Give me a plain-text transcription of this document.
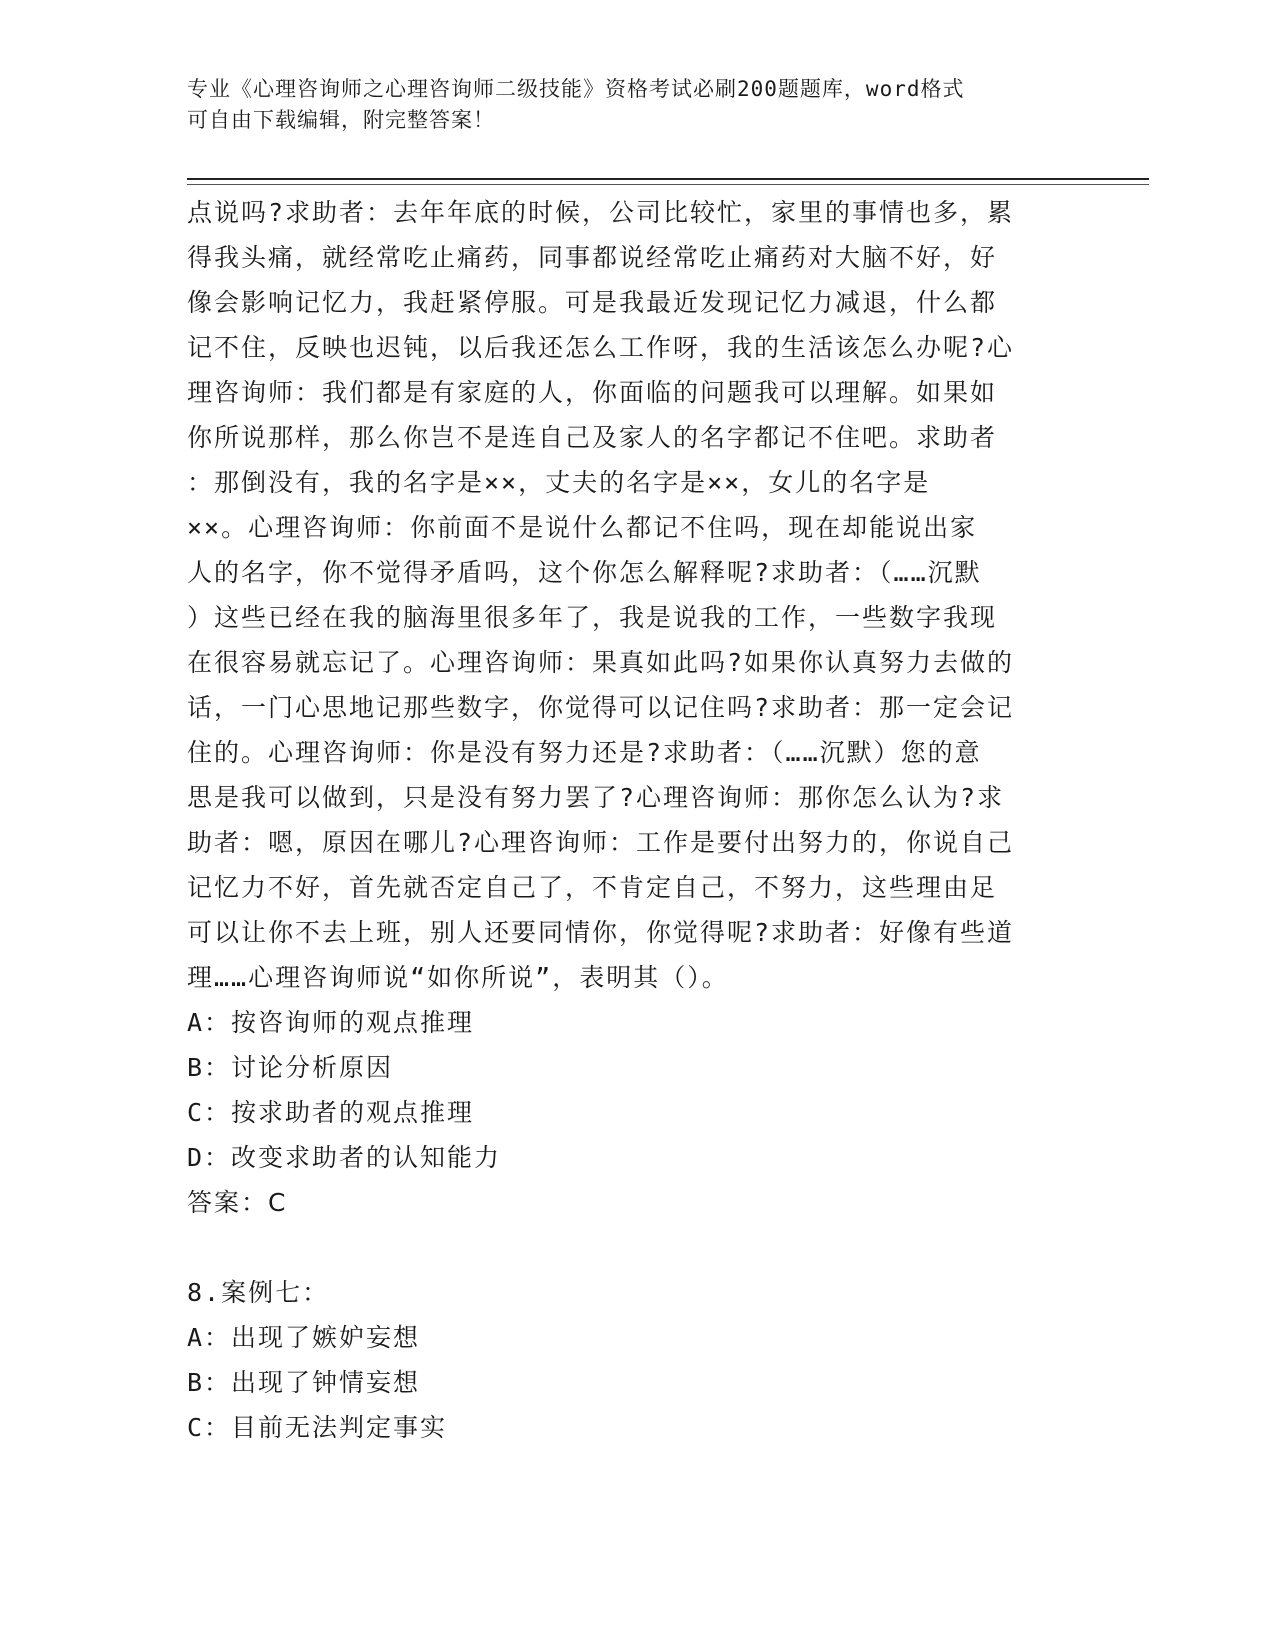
专业《心理咨询师之心理咨询师二级技能》资格考试必刷200题题库，word格式
可自由下载编辑，附完整答案！
点说吗?求助者：去年年底的时候，公司比较忙，家里的事情也多，累
得我头痛，就经常吃止痛药，同事都说经常吃止痛药对大脑不好，好
像会影响记忆力，我赶紧停服。可是我最近发现记忆力减退，什么都
记不住，反映也迟钝，以后我还怎么工作呀，我的生活该怎么办呢?心
理咨询师：我们都是有家庭的人，你面临的问题我可以理解。如果如
你所说那样，那么你岂不是连自己及家人的名字都记不住吧。求助者
：那倒没有，我的名字是××，丈夫的名字是××，女儿的名字是
××。心理咨询师：你前面不是说什么都记不住吗，现在却能说出家
人的名字，你不觉得矛盾吗，这个你怎么解释呢?求助者：（……沉默
）这些已经在我的脑海里很多年了，我是说我的工作，一些数字我现
在很容易就忘记了。心理咨询师：果真如此吗?如果你认真努力去做的
话，一门心思地记那些数字，你觉得可以记住吗?求助者：那一定会记
住的。心理咨询师：你是没有努力还是?求助者：（……沉默）您的意
思是我可以做到，只是没有努力罢了?心理咨询师：那你怎么认为?求
助者：嗯，原因在哪儿?心理咨询师：工作是要付出努力的，你说自己
记忆力不好，首先就否定自己了，不肯定自己，不努力，这些理由足
可以让你不去上班，别人还要同情你，你觉得呢?求助者：好像有些道
理……心理咨询师说“如你所说”，表明其（）。
A：按咨询师的观点推理
B：讨论分析原因
C：按求助者的观点推理
D：改变求助者的认知能力
答案：C
8.案例七：
A：出现了嫉妒妄想
B：出现了钟情妄想
C：目前无法判定事实
